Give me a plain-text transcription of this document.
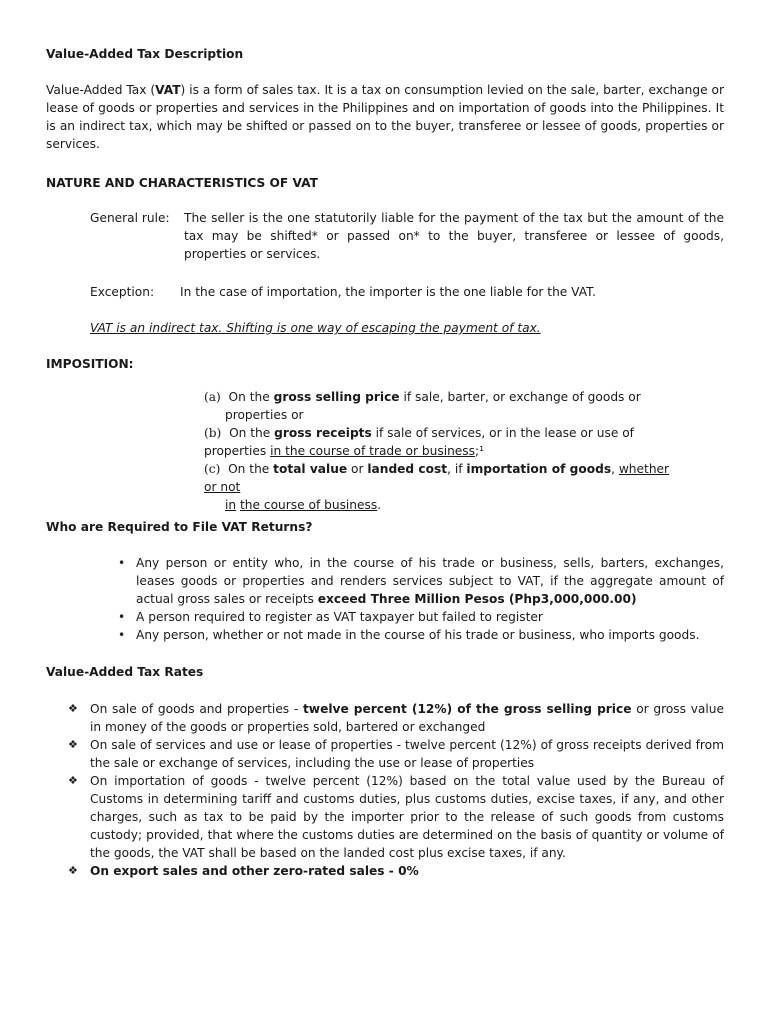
Value-Added Tax Description
Value-Added Tax (VAT) is a form of sales tax. It is a tax on consumption levied on the sale, barter, exchange or lease of goods or properties and services in the Philippines and on importation of goods into the Philippines. It is an indirect tax, which may be shifted or passed on to the buyer, transferee or lessee of goods, properties or services.
NATURE AND CHARACTERISTICS OF VAT
General rule: The seller is the one statutorily liable for the payment of the tax but the amount of the tax may be shifted* or passed on* to the buyer, transferee or lessee of goods, properties or services.
Exception: In the case of importation, the importer is the one liable for the VAT.
VAT is an indirect tax. Shifting is one way of escaping the payment of tax.
IMPOSITION:
(a) On the gross selling price if sale, barter, or exchange of goods or
properties or
(b) On the gross receipts if sale of services, or in the lease or use of
properties in the course of trade or business;¹
(c) On the total value or landed cost, if importation of goods, whether or not
in the course of business.
Who are Required to File VAT Returns?
• Any person or entity who, in the course of his trade or business, sells, barters, exchanges, leases goods or properties and renders services subject to VAT, if the aggregate amount of actual gross sales or receipts exceed Three Million Pesos (Php3,000,000.00)
• A person required to register as VAT taxpayer but failed to register
• Any person, whether or not made in the course of his trade or business, who imports goods.
Value-Added Tax Rates
❖ On sale of goods and properties - twelve percent (12%) of the gross selling price or gross value in money of the goods or properties sold, bartered or exchanged
❖ On sale of services and use or lease of properties - twelve percent (12%) of gross receipts derived from the sale or exchange of services, including the use or lease of properties
❖ On importation of goods - twelve percent (12%) based on the total value used by the Bureau of Customs in determining tariff and customs duties, plus customs duties, excise taxes, if any, and other charges, such as tax to be paid by the importer prior to the release of such goods from customs custody; provided, that where the customs duties are determined on the basis of quantity or volume of the goods, the VAT shall be based on the landed cost plus excise taxes, if any.
❖ On export sales and other zero-rated sales - 0%
